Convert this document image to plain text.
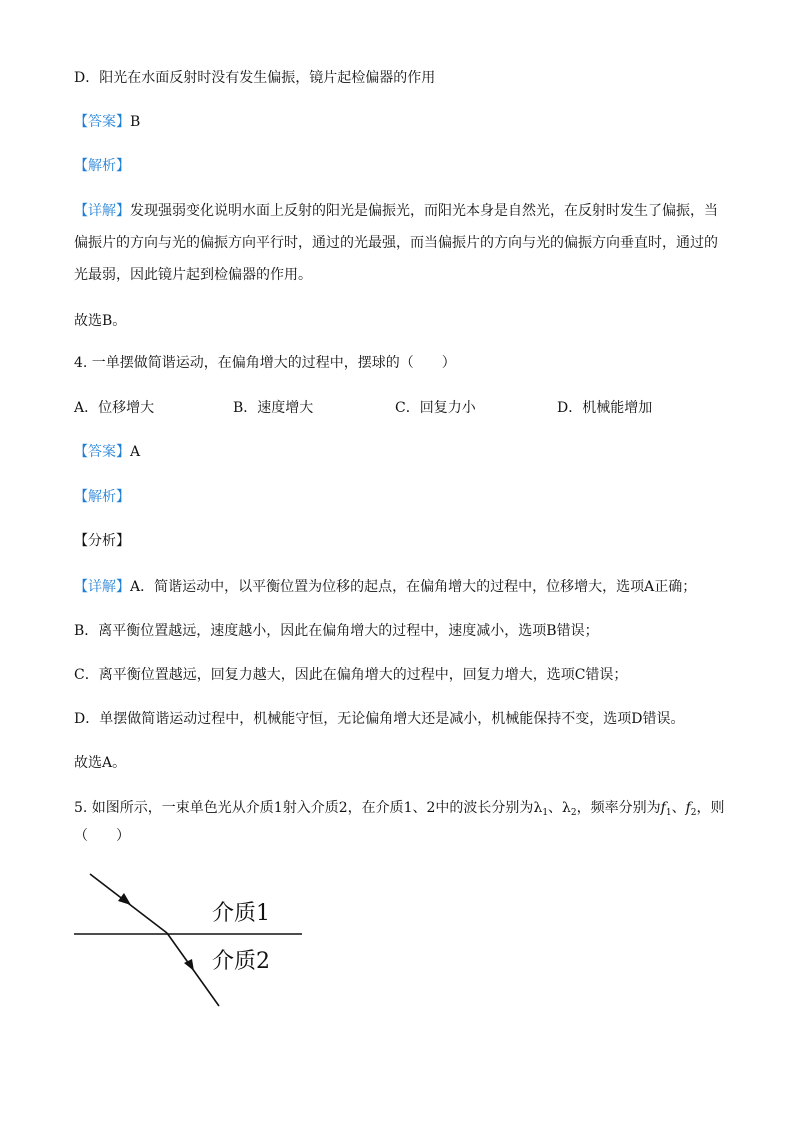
D．阳光在水面反射时没有发生偏振，镜片起检偏器的作用
【答案】B
【解析】
【详解】发现强弱变化说明水面上反射的阳光是偏振光，而阳光本身是自然光，在反射时发生了偏振，当偏振片的方向与光的偏振方向平行时，通过的光最强，而当偏振片的方向与光的偏振方向垂直时，通过的光最弱，因此镜片起到检偏器的作用。
故选B。
4. 一单摆做简谐运动，在偏角增大的过程中，摆球的（　　）
A．位移增大	B．速度增大	C．回复力小	D．机械能增加
【答案】A
【解析】
【分析】
【详解】A．简谐运动中，以平衡位置为位移的起点，在偏角增大的过程中，位移增大，选项A正确；
B．离平衡位置越远，速度越小，因此在偏角增大的过程中，速度减小，选项B错误；
C．离平衡位置越远，回复力越大，因此在偏角增大的过程中，回复力增大，选项C错误；
D．单摆做简谐运动过程中，机械能守恒，无论偏角增大还是减小，机械能保持不变，选项D错误。
故选A。
5. 如图所示，一束单色光从介质1射入介质2，在介质1、2中的波长分别为$\lambda_1$、$\lambda_2$，频率分别为$f_1$、$f_2$，则
（　　）
介质1
介质2
